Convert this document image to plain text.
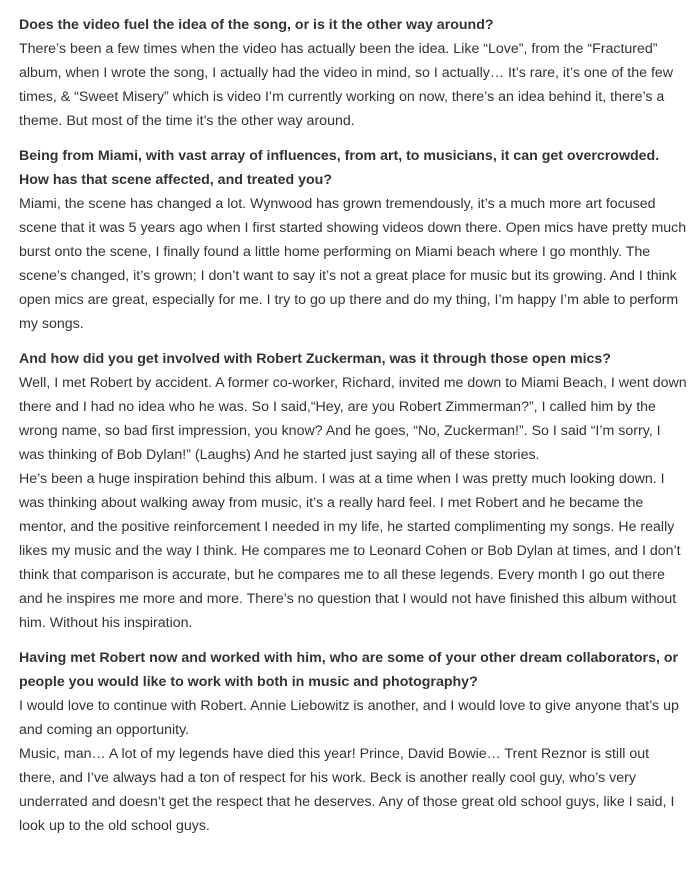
Does the video fuel the idea of the song, or is it the other way around?

There’s been a few times when the video has actually been the idea. Like “Love”, from the “Fractured” album, when I wrote the song, I actually had the video in mind, so I actually… It’s rare, it’s one of the few times, & “Sweet Misery” which is video I’m currently working on now, there’s an idea behind it, there’s a theme. But most of the time it’s the other way around.

Being from Miami, with vast array of influences, from art, to musicians, it can get overcrowded. How has that scene affected, and treated you?

Miami, the scene has changed a lot. Wynwood has grown tremendously, it’s a much more art focused scene that it was 5 years ago when I first started showing videos down there. Open mics have pretty much burst onto the scene, I finally found a little home performing on Miami beach where I go monthly. The scene’s changed, it’s grown; I don’t want to say it’s not a great place for music but its growing. And I think open mics are great, especially for me. I try to go up there and do my thing, I’m happy I’m able to perform my songs.

And how did you get involved with Robert Zuckerman, was it through those open mics?

Well, I met Robert by accident. A former co-worker, Richard, invited me down to Miami Beach, I went down there and I had no idea who he was. So I said,“Hey, are you Robert Zimmerman?”, I called him by the wrong name, so bad first impression, you know? And he goes, “No, Zuckerman!”. So I said “I’m sorry, I was thinking of Bob Dylan!” (Laughs) And he started just saying all of these stories.

He’s been a huge inspiration behind this album. I was at a time when I was pretty much looking down. I was thinking about walking away from music, it’s a really hard feel. I met Robert and he became the mentor, and the positive reinforcement I needed in my life, he started complimenting my songs. He really likes my music and the way I think. He compares me to Leonard Cohen or Bob Dylan at times, and I don’t think that comparison is accurate, but he compares me to all these legends. Every month I go out there and he inspires me more and more. There’s no question that I would not have finished this album without him. Without his inspiration.

Having met Robert now and worked with him, who are some of your other dream collaborators, or people you would like to work with both in music and photography?

I would love to continue with Robert. Annie Liebowitz is another, and I would love to give anyone that’s up and coming an opportunity.

Music, man… A lot of my legends have died this year! Prince, David Bowie… Trent Reznor is still out there, and I’ve always had a ton of respect for his work. Beck is another really cool guy, who’s very underrated and doesn’t get the respect that he deserves. Any of those great old school guys, like I said, I look up to the old school guys.
